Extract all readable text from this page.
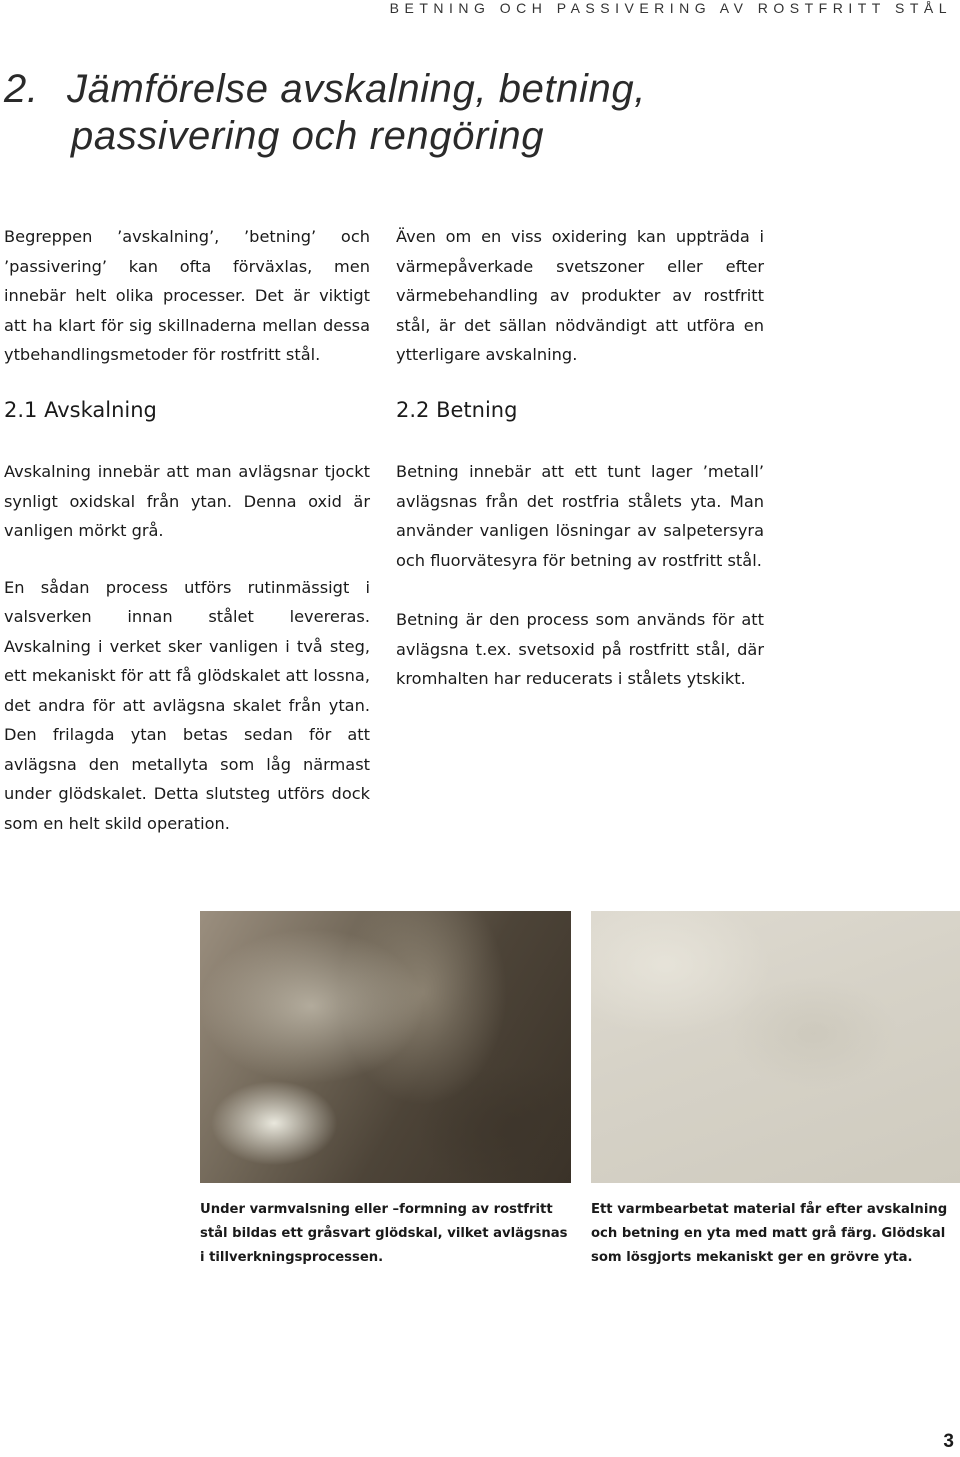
BETNING OCH PASSIVERING AV ROSTFRITT STÅL
2. Jämförelse avskalning, betning,
passivering och rengöring

Begreppen ’avskalning’, ’betning’ och ’passivering’ kan ofta förväxlas, men innebär helt olika processer. Det är viktigt att ha klart för sig skillnaderna mellan dessa ytbehandlingsmetoder för rostfritt stål.

2.1 Avskalning

Avskalning innebär att man avlägsnar tjockt synligt oxidskal från ytan. Denna oxid är vanligen mörkt grå.

En sådan process utförs rutinmässigt i valsverken innan stålet levereras. Avskalning i verket sker vanligen i två steg, ett mekaniskt för att få glödskalet att lossna, det andra för att avlägsna skalet från ytan. Den frilagda ytan betas sedan för att avlägsna den metallyta som låg närmast under glödskalet. Detta slutsteg utförs dock som en helt skild operation.

Även om en viss oxidering kan uppträda i värmepåverkade svetszoner eller efter värmebehandling av produkter av rostfritt stål, är det sällan nödvändigt att utföra en ytterligare avskalning.

2.2 Betning

Betning innebär att ett tunt lager ’metall’ avlägsnas från det rostfria stålets yta. Man använder vanligen lösningar av salpetersyra och fluorvätesyra för betning av rostfritt stål.

Betning är den process som används för att avlägsna t.ex. svetsoxid på rostfritt stål, där kromhalten har reducerats i stålets ytskikt.

Under varmvalsning eller –formning av rostfritt stål bildas ett gråsvart glödskal, vilket avlägsnas i tillverkningsprocessen.

Ett varmbearbetat material får efter avskalning och betning en yta med matt grå färg. Glödskal som lösgjorts mekaniskt ger en grövre yta.

3
